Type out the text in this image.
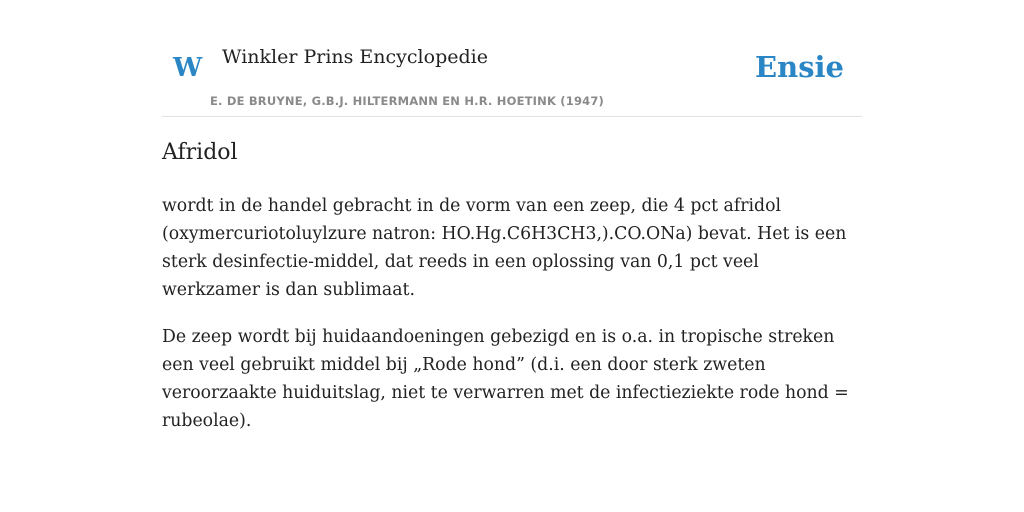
W Winkler Prins Encyclopedie
E. DE BRUYNE, G.B.J. HILTERMANN EN H.R. HOETINK (1947)
Ensie
Afridol

wordt in de handel gebracht in de vorm van een zeep, die 4 pct afridol (oxymercuriotoluylzure natron: HO.Hg.C6H3CH3,).CO.ONa) bevat. Het is een sterk desinfectie-middel, dat reeds in een oplossing van 0,1 pct veel werkzamer is dan sublimaat.

De zeep wordt bij huidaandoeningen gebezigd en is o.a. in tropische streken een veel gebruikt middel bij „Rode hond” (d.i. een door sterk zweten veroorzaakte huiduitslag, niet te verwarren met de infectieziekte rode hond = rubeolae).
